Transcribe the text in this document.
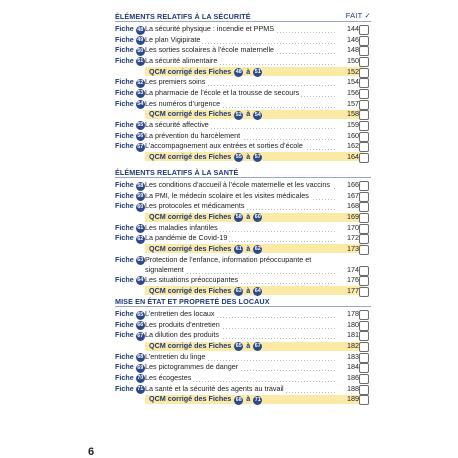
FAIT ✓
ÉLÉMENTS RELATIFS À LA SÉCURITÉ
Fiche 48 La sécurité physique : incendie et PPMS	144
Fiche 49 Le plan Vigipirate	146
Fiche 50 Les sorties scolaires à l’école maternelle	148
Fiche 51 La sécurité alimentaire	150
QCM corrigé des Fiches 48 à 51	152
Fiche 52 Les premiers soins	154
Fiche 53 La pharmacie de l’école et la trousse de secours	156
Fiche 54 Les numéros d’urgence	157
QCM corrigé des Fiches 52 à 54	158
Fiche 55 La sécurité affective	159
Fiche 56 La prévention du harcèlement	160
Fiche 57 L’accompagnement aux entrées et sorties d’école	162
QCM corrigé des Fiches 55 à 57	164
ÉLÉMENTS RELATIFS À LA SANTÉ
Fiche 58 Les conditions d’accueil à l’école maternelle et les vaccins	166
Fiche 59 La PMI, le médecin scolaire et les visites médicales	167
Fiche 60 Les protocoles et médicaments	168
QCM corrigé des Fiches 58 à 60	169
Fiche 61 Les maladies infantiles	170
Fiche 62 La pandémie de Covid-19	172
QCM corrigé des Fiches 61 à 62	173
Fiche 63 Protection de l’enfance, information préoccupante et signalement	174
Fiche 64 Les situations préoccupantes	176
QCM corrigé des Fiches 63 à 64	177
MISE EN ÉTAT ET PROPRETÉ DES LOCAUX
Fiche 65 L’entretien des locaux	178
Fiche 66 Les produits d’entretien	180
Fiche 67 La dilution des produits	181
QCM corrigé des Fiches 65 à 67	182
Fiche 68 L’entretien du linge	183
Fiche 69 Les pictogrammes de danger	184
Fiche 70 Les écogestes	186
Fiche 71 La santé et la sécurité des agents au travail	188
QCM corrigé des Fiches 68 à 71	189
6
